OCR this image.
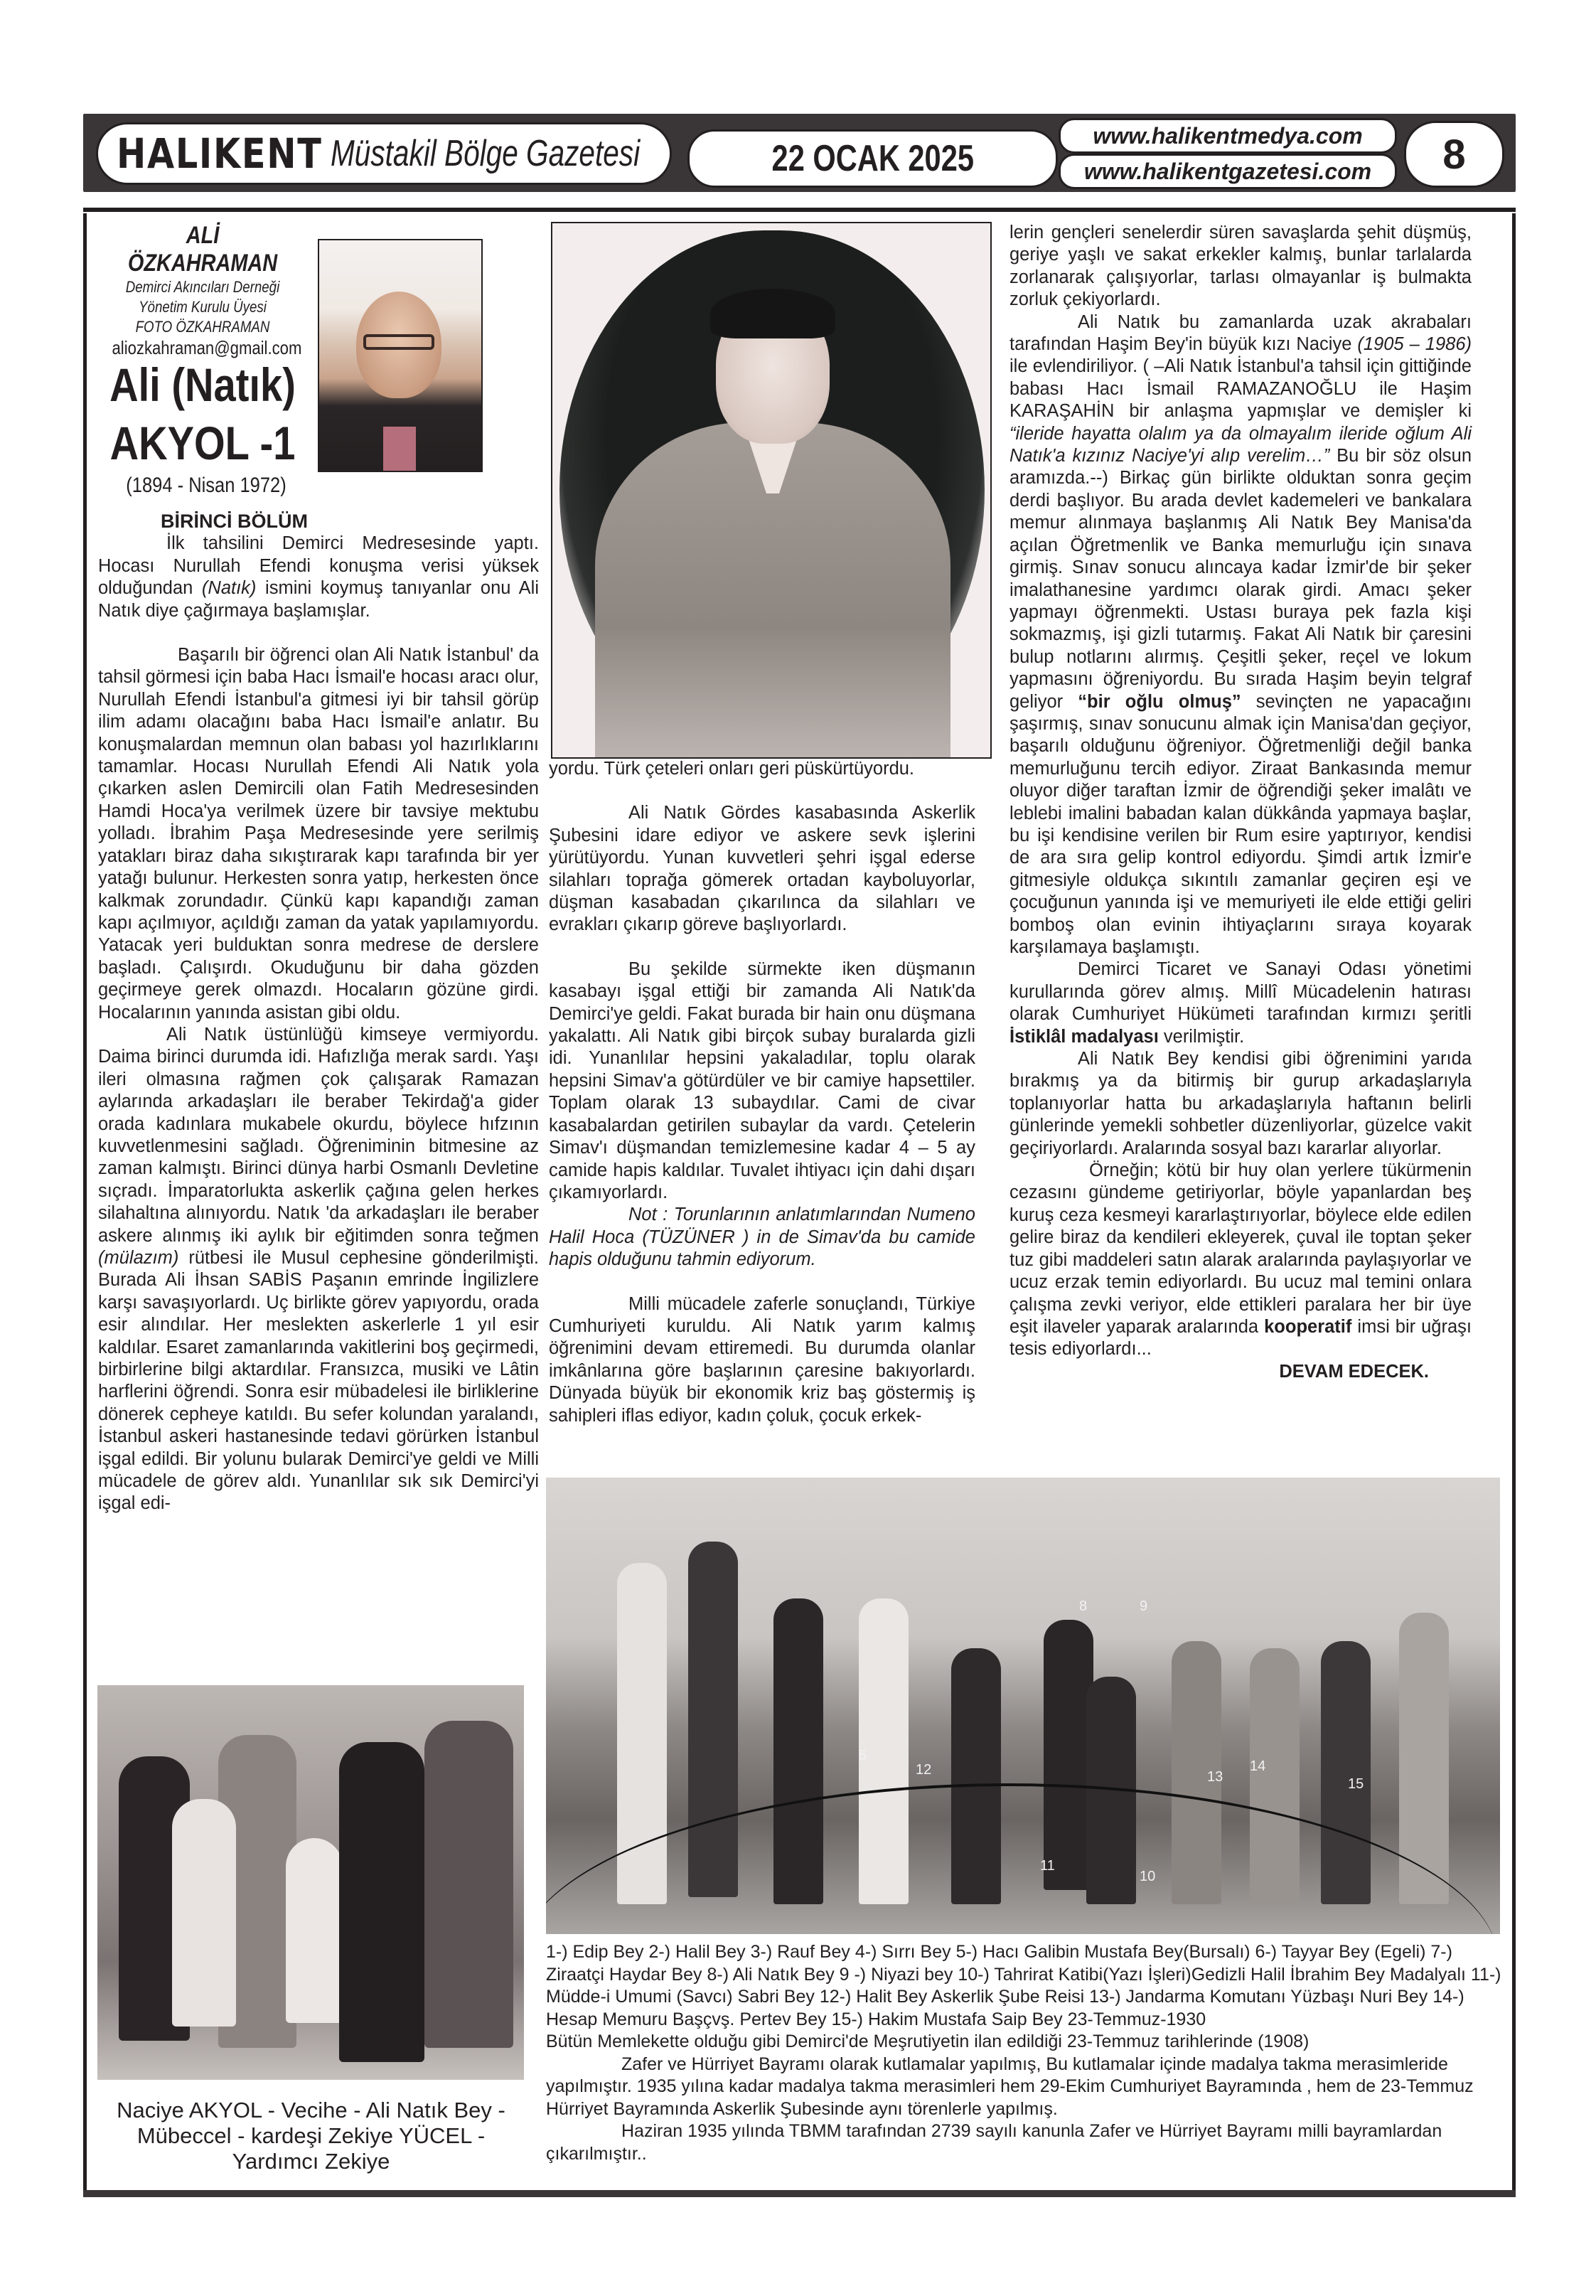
HALIKENT Müstakil Bölge Gazetesi	22 OCAK 2025
www.halikentmedya.com
www.halikentgazetesi.com	8
ALİ ÖZKAHRAMAN
Demirci Akıncıları Derneği
Yönetim Kurulu Üyesi
FOTO ÖZKAHRAMAN
aliozkahraman@gmail.com
Ali (Natık)
AKYOL -1
(1894 - Nisan 1972)

BİRİNCİ BÖLÜM

İlk tahsilini Demirci Medresesinde yaptı. Hocası Nurullah Efendi konuşma verisi yüksek olduğundan (Natık) ismini koymuş tanıyanlar onu Ali Natık diye çağırmaya başlamışlar.

Başarılı bir öğrenci olan Ali Natık İstanbul' da tahsil görmesi için baba Hacı İsmail'e hocası aracı olur, Nurullah Efendi İstanbul'a gitmesi iyi bir tahsil görüp ilim adamı olacağını baba Hacı İsmail'e anlatır. Bu konuşmalardan memnun olan babası yol hazırlıklarını tamamlar. Hocası Nurullah Efendi Ali Natık yola çıkarken aslen Demircili olan Fatih Medresesinden Hamdi Hoca'ya verilmek üzere bir tavsiye mektubu yolladı. İbrahim Paşa Medresesinde yere serilmiş yatakları biraz daha sıkıştırarak kapı tarafında bir yer yatağı bulunur. Herkesten sonra yatıp, herkesten önce kalkmak zorundadır. Çünkü kapı kapandığı zaman kapı açılmıyor, açıldığı zaman da yatak yapılamıyordu. Yatacak yeri bulduktan sonra medrese de derslere başladı. Çalışırdı. Okuduğunu bir daha gözden geçirmeye gerek olmazdı. Hocaların gözüne girdi. Hocalarının yanında asistan gibi oldu.

Ali Natık üstünlüğü kimseye vermiyordu. Daima birinci durumda idi. Hafızlığa merak sardı. Yaşı ileri olmasına rağmen çok çalışarak Ramazan aylarında arkadaşları ile beraber Tekirdağ'a gider orada kadınlara mukabele okurdu, böylece hıfzının kuvvetlenmesini sağladı. Öğreniminin bitmesine az zaman kalmıştı. Birinci dünya harbi Osmanlı Devletine sıçradı. İmparatorlukta askerlik çağına gelen herkes silahaltına alınıyordu. Natık 'da arkadaşları ile beraber askere alınmış iki aylık bir eğitimden sonra teğmen (mülazım) rütbesi ile Musul cephesine gönderilmişti. Burada Ali İhsan SABİS Paşanın emrinde İngilizlere karşı savaşıyorlardı. Uç birlikte görev yapıyordu, orada esir alındılar. Her meslekten askerlerle 1 yıl esir kaldılar. Esaret zamanlarında vakitlerini boş geçirmedi, birbirlerine bilgi aktardılar. Fransızca, musiki ve Lâtin harflerini öğrendi. Sonra esir mübadelesi ile birliklerine dönerek cepheye katıldı. Bu sefer kolundan yaralandı, İstanbul askeri hastanesinde tedavi görürken İstanbul işgal edildi. Bir yolunu bularak Demirci'ye geldi ve Milli mücadele de görev aldı. Yunanlılar sık sık Demirci'yi işgal edi-

yordu. Türk çeteleri onları geri püskürtüyordu.

Ali Natık Gördes kasabasında Askerlik Şubesini idare ediyor ve askere sevk işlerini yürütüyordu. Yunan kuvvetleri şehri işgal ederse silahları toprağa gömerek ortadan kayboluyorlar, düşman kasabadan çıkarılınca da silahları ve evrakları çıkarıp göreve başlıyorlardı.

Bu şekilde sürmekte iken düşmanın kasabayı işgal ettiği bir zamanda Ali Natık'da Demirci'ye geldi. Fakat burada bir hain onu düşmana yakalattı. Ali Natık gibi birçok subay buralarda gizli idi. Yunanlılar hepsini yakaladılar, toplu olarak hepsini Simav'a götürdüler ve bir camiye hapsettiler. Toplam olarak 13 subaydılar. Cami de civar kasabalardan getirilen subaylar da vardı. Çetelerin Simav'ı düşmandan temizlemesine kadar 4 – 5 ay camide hapis kaldılar. Tuvalet ihtiyacı için dahi dışarı çıkamıyorlardı.

Not : Torunlarının anlatımlarından Numeno Halil Hoca (TÜZÜNER ) in de Simav'da bu camide hapis olduğunu tahmin ediyorum.

Milli mücadele zaferle sonuçlandı, Türkiye Cumhuriyeti kuruldu. Ali Natık yarım kalmış öğrenimini devam ettiremedi. Bu durumda olanlar imkânlarına göre başlarının çaresine bakıyorlardı. Dünyada büyük bir ekonomik kriz baş göstermiş iş sahipleri iflas ediyor, kadın çoluk, çocuk erkek-

lerin gençleri senelerdir süren savaşlarda şehit düşmüş, geriye yaşlı ve sakat erkekler kalmış, bunlar tarlalarda zorlanarak çalışıyorlar, tarlası olmayanlar iş bulmakta zorluk çekiyorlardı.

Ali Natık bu zamanlarda uzak akrabaları tarafından Haşim Bey'in büyük kızı Naciye (1905 – 1986) ile evlendiriliyor. ( –Ali Natık İstanbul'a tahsil için gittiğinde babası Hacı İsmail RAMAZANOĞLU ile Haşim KARAŞAHİN bir anlaşma yapmışlar ve demişler ki “ileride hayatta olalım ya da olmayalım ileride oğlum Ali Natık'a kızınız Naciye'yi alıp verelim…” Bu bir söz olsun aramızda.--) Birkaç gün birlikte olduktan sonra geçim derdi başlıyor. Bu arada devlet kademeleri ve bankalara memur alınmaya başlanmış Ali Natık Bey Manisa'da açılan Öğretmenlik ve Banka memurluğu için sınava girmiş. Sınav sonucu alıncaya kadar İzmir'de bir şeker imalathanesine yardımcı olarak girdi. Amacı şeker yapmayı öğrenmekti. Ustası buraya pek fazla kişi sokmazmış, işi gizli tutarmış. Fakat Ali Natık bir çaresini bulup notlarını alırmış. Çeşitli şeker, reçel ve lokum yapmasını öğreniyordu. Bu sırada Haşim beyin telgraf geliyor “bir oğlu olmuş” sevinçten ne yapacağını şaşırmış, sınav sonucunu almak için Manisa'dan geçiyor, başarılı olduğunu öğreniyor. Öğretmenliği değil banka memurluğunu tercih ediyor. Ziraat Bankasında memur oluyor diğer taraftan İzmir de öğrendiği şeker imalâtı ve leblebi imalini babadan kalan dükkânda yapmaya başlar, bu işi kendisine verilen bir Rum esire yaptırıyor, kendisi de ara sıra gelip kontrol ediyordu. Şimdi artık İzmir'e gitmesiyle oldukça sıkıntılı zamanlar geçiren eşi ve çocuğunun yanında işi ve memuriyeti ile elde ettiği geliri bomboş olan evinin ihtiyaçlarını sıraya koyarak karşılamaya başlamıştı.

Demirci Ticaret ve Sanayi Odası yönetimi kurullarında görev almış. Millî Mücadelenin hatırası olarak Cumhuriyet Hükümeti tarafından kırmızı şeritli İstiklâl madalyası verilmiştir.

Ali Natık Bey kendisi gibi öğrenimini yarıda bırakmış ya da bitirmiş bir gurup arkadaşlarıyla toplanıyorlar hatta bu arkadaşlarıyla haftanın belirli günlerinde yemekli sohbetler düzenliyorlar, güzelce vakit geçiriyorlardı. Aralarında sosyal bazı kararlar alıyorlar.

Örneğin; kötü bir huy olan yerlere tükürmenin cezasını gündeme getiriyorlar, böyle yapanlardan beş kuruş ceza kesmeyi kararlaştırıyorlar, böylece elde edilen gelire biraz da kendileri ekleyerek, çuval ile toptan şeker tuz gibi maddeleri satın alarak aralarında paylaşıyorlar ve ucuz erzak temin ediyorlardı. Bu ucuz mal temini onlara çalışma zevki veriyor, elde ettikleri paralara her bir üye eşit ilaveler yaparak aralarında kooperatif imsi bir uğraşı tesis ediyorlardı...

DEVAM EDECEK.

Naciye AKYOL - Vecihe - Ali Natık Bey - Mübeccel - kardeşi Zekiye YÜCEL - Yardımcı Zekiye
12
11
10
13
14
15
5
8	9

1-) Edip Bey 2-) Halil Bey 3-) Rauf Bey 4-) Sırrı Bey 5-) Hacı Galibin Mustafa Bey(Bursalı) 6-) Tayyar Bey (Egeli) 7-) Ziraatçi Haydar Bey 8-) Ali Natık Bey 9 -) Niyazi bey 10-) Tahrirat Katibi(Yazı İşleri)Gedizli Halil İbrahim Bey Madalyalı 11-) Müdde-i Umumi (Savcı) Sabri Bey 12-) Halit Bey Askerlik Şube Reisi 13-) Jandarma Komutanı Yüzbaşı Nuri Bey 14-) Hesap Memuru Başçvş. Pertev Bey 15-) Hakim Mustafa Saip Bey 23-Temmuz-1930

Bütün Memlekette olduğu gibi Demirci'de Meşrutiyetin ilan edildiği 23-Temmuz tarihlerinde (1908)

Zafer ve Hürriyet Bayramı olarak kutlamalar yapılmış, Bu kutlamalar içinde madalya takma merasimleride yapılmıştır. 1935 yılına kadar madalya takma merasimleri hem 29-Ekim Cumhuriyet Bayramında , hem de 23-Temmuz Hürriyet Bayramında Askerlik Şubesinde aynı törenlerle yapılmış.

Haziran 1935 yılında TBMM tarafından 2739 sayılı kanunla Zafer ve Hürriyet Bayramı milli bayramlardan çıkarılmıştır..
